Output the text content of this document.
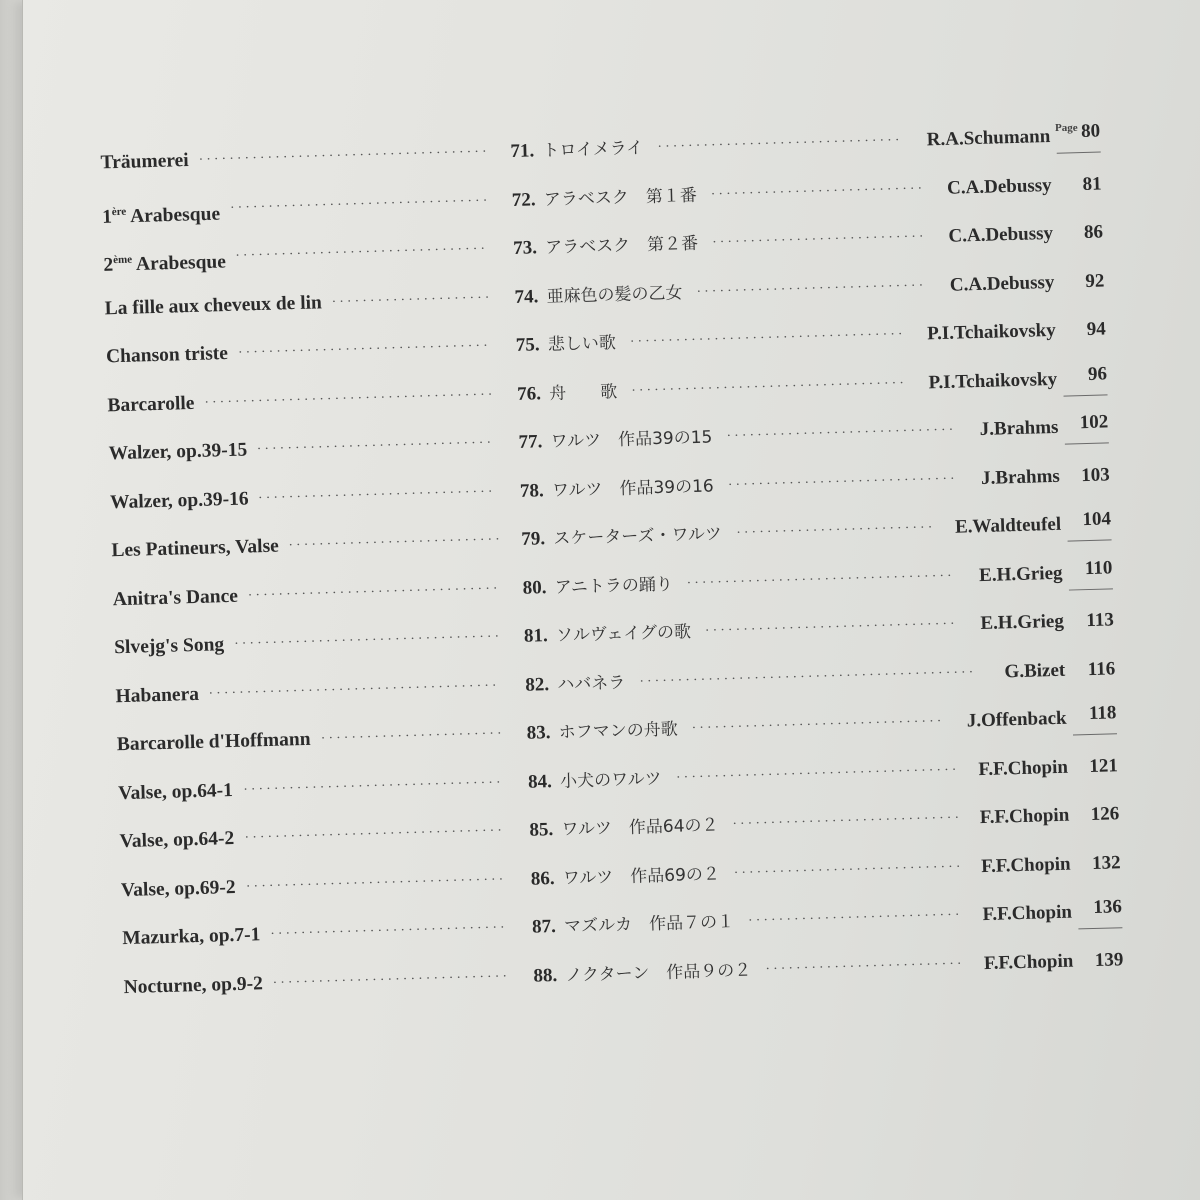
Page
Träumerei ······································	71. トロイメライ ································	R.A.Schumann	80
1ère Arabesque ··································	72. アラベスク　第１番 ····························	C.A.Debussy	81
2ème Arabesque ·································	73. アラベスク　第２番 ····························	C.A.Debussy	86
La fille aux cheveux de lin ·····················	74. 亜麻色の髪の乙女 ······························	C.A.Debussy	92
Chanson triste ·································	75. 悲しい歌 ····································	P.I.Tchaikovsky	94
Barcarolle ······································	76. 舟　　歌 ····································	P.I.Tchaikovsky	96
Walzer, op.39-15 ·······························	77. ワルツ　作品39の15 ······························	J.Brahms	102
Walzer, op.39-16 ·······························	78. ワルツ　作品39の16 ······························	J.Brahms	103
Les Patineurs, Valse ···························· 79. スケーターズ・ワルツ ··························	E.Waldteufel	104
Anitra's Dance ·································	80. アニトラの踊り ···································	E.H.Grieg	110
Slvejg's Song ···································	81. ソルヴェイグの歌 ·································	E.H.Grieg	113
Habanera ······································	82. ハバネラ ············································	G.Bizet	116
Barcarolle d'Hoffmann ························	83. ホフマンの舟歌 ·································	J.Offenback	118
Valse, op.64-1 ··································	84. 小犬のワルツ ····································· F.F.Chopin	121
Valse, op.64-2 ··································	85. ワルツ　作品64の２ ······························ F.F.Chopin	126
Valse, op.69-2 ··································	86. ワルツ　作品69の２ ······························ F.F.Chopin	132
Mazurka, op.7-1 ·······························	87. マズルカ　作品７の１ ····························	F.F.Chopin	136
Nocturne, op.9-2 ·······························	88. ノクターン　作品９の２ ·························· F.F.Chopin	139
